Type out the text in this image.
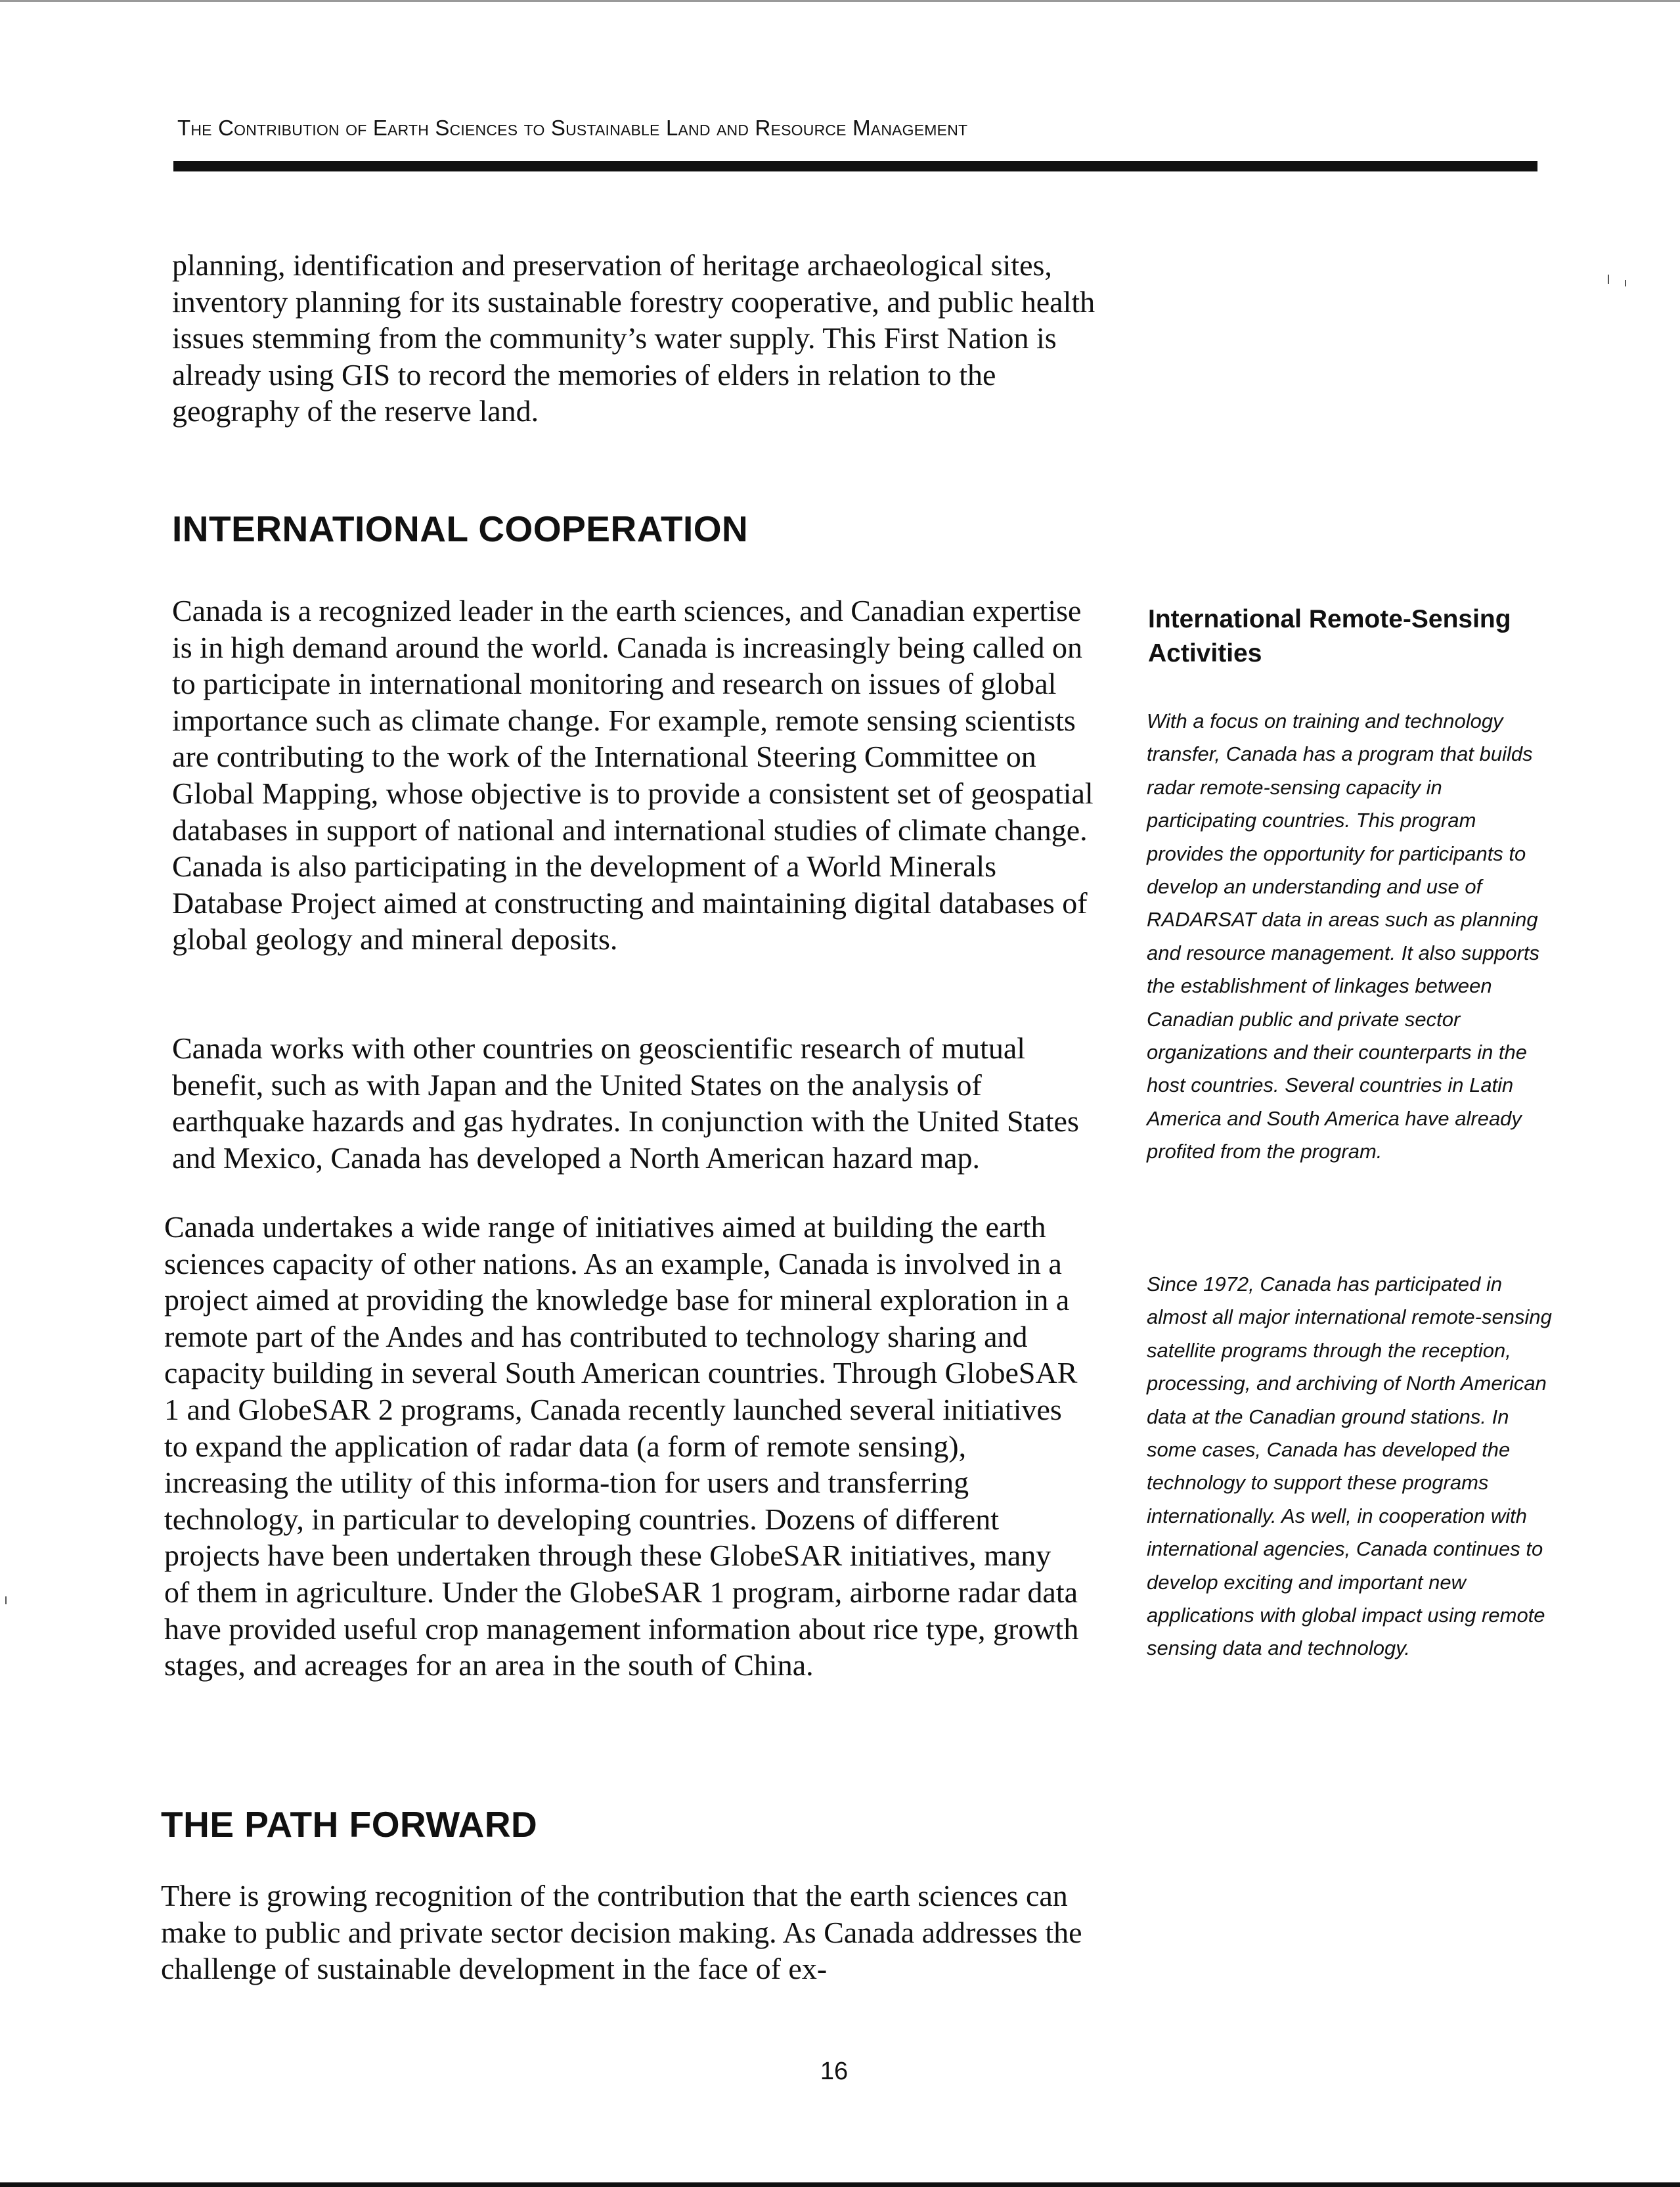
The Contribution of Earth Sciences to Sustainable Land and Resource Management

planning, identification and preservation of heritage archaeological sites, inventory planning for its sustainable forestry cooperative, and public health issues stemming from the community’s water supply. This First Nation is already using GIS to record the memories of elders in relation to the geography of the reserve land.

INTERNATIONAL COOPERATION

Canada is a recognized leader in the earth sciences, and Canadian expertise is in high demand around the world. Canada is increasingly being called on to participate in international monitoring and research on issues of global importance such as climate change. For example, remote sensing scientists are contributing to the work of the International Steering Committee on Global Mapping, whose objective is to provide a consistent set of geospatial databases in support of national and international studies of climate change. Canada is also participating in the development of a World Minerals Database Project aimed at constructing and maintaining digital databases of global geology and mineral deposits.

Canada works with other countries on geoscientific research of mutual benefit, such as with Japan and the United States on the analysis of earthquake hazards and gas hydrates. In conjunction with the United States and Mexico, Canada has developed a North American hazard map.

Canada undertakes a wide range of initiatives aimed at building the earth sciences capacity of other nations. As an example, Canada is involved in a project aimed at providing the knowledge base for mineral exploration in a remote part of the Andes and has contributed to technology sharing and capacity building in several South American countries. Through GlobeSAR 1 and GlobeSAR 2 programs, Canada recently launched several initiatives to expand the application of radar data (a form of remote sensing), increasing the utility of this informa-tion for users and transferring technology, in particular to developing countries. Dozens of different projects have been undertaken through these GlobeSAR initiatives, many of them in agriculture. Under the GlobeSAR 1 program, airborne radar data have provided useful crop management information about rice type, growth stages, and acreages for an area in the south of China.

THE PATH FORWARD

There is growing recognition of the contribution that the earth sciences can make to public and private sector decision making. As Canada addresses the challenge of sustainable development in the face of ex-

International Remote-Sensing Activities

With a focus on training and technology transfer, Canada has a program that builds radar remote-sensing capacity in participating countries. This program provides the opportunity for participants to develop an understanding and use of RADARSAT data in areas such as planning and resource management. It also supports the establishment of linkages between Canadian public and private sector organizations and their counterparts in the host countries. Several countries in Latin America and South America have already profited from the program.

Since 1972, Canada has participated in almost all major international remote-sensing satellite programs through the reception, processing, and archiving of North American data at the Canadian ground stations. In some cases, Canada has developed the technology to support these programs internationally. As well, in cooperation with international agencies, Canada continues to develop exciting and important new applications with global impact using remote sensing data and technology.

16
